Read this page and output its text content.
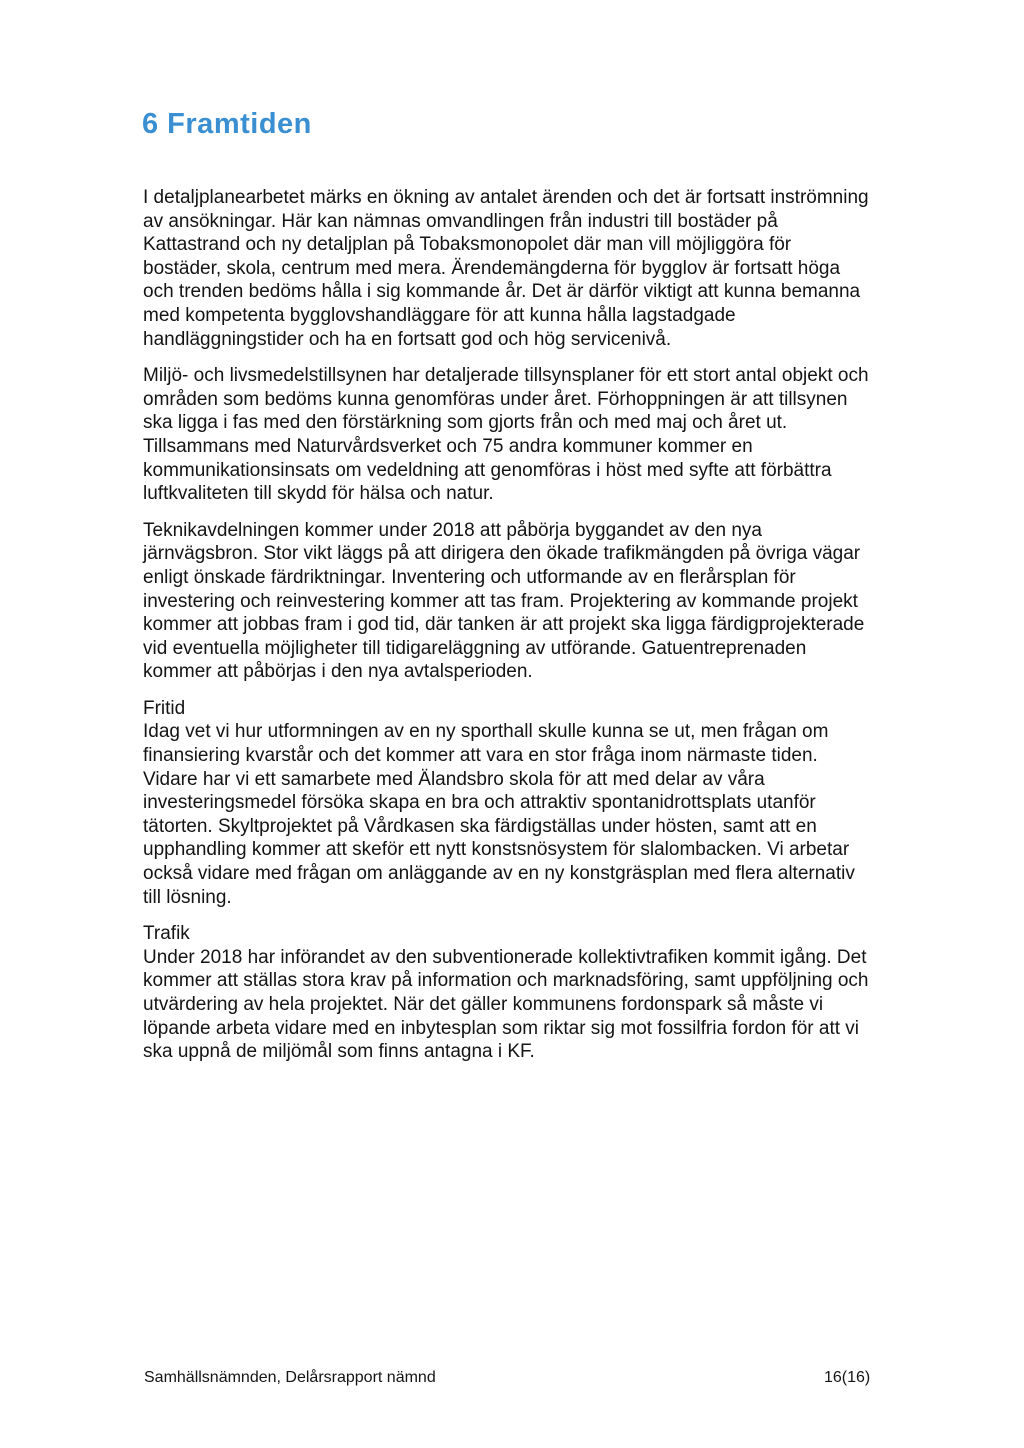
6 Framtiden

I detaljplanearbetet märks en ökning av antalet ärenden och det är fortsatt inströmning av ansökningar. Här kan nämnas omvandlingen från industri till bostäder på Kattastrand och ny detaljplan på Tobaksmonopolet där man vill möjliggöra för bostäder, skola, centrum med mera. Ärendemängderna för bygglov är fortsatt höga och trenden bedöms hålla i sig kommande år. Det är därför viktigt att kunna bemanna med kompetenta bygglovshandläggare för att kunna hålla lagstadgade handläggningstider och ha en fortsatt god och hög servicenivå.

Miljö- och livsmedelstillsynen har detaljerade tillsynsplaner för ett stort antal objekt och områden som bedöms kunna genomföras under året. Förhoppningen är att tillsynen ska ligga i fas med den förstärkning som gjorts från och med maj och året ut. Tillsammans med Naturvårdsverket och 75 andra kommuner kommer en kommunikationsinsats om vedeldning att genomföras i höst med syfte att förbättra luftkvaliteten till skydd för hälsa och natur.

Teknikavdelningen kommer under 2018 att påbörja byggandet av den nya järnvägsbron. Stor vikt läggs på att dirigera den ökade trafikmängden på övriga vägar enligt önskade färdriktningar. Inventering och utformande av en flerårsplan för investering och reinvestering kommer att tas fram. Projektering av kommande projekt kommer att jobbas fram i god tid, där tanken är att projekt ska ligga färdigprojekterade vid eventuella möjligheter till tidigareläggning av utförande. Gatuentreprenaden kommer att påbörjas i den nya avtalsperioden.

Fritid

Idag vet vi hur utformningen av en ny sporthall skulle kunna se ut, men frågan om finansiering kvarstår och det kommer att vara en stor fråga inom närmaste tiden. Vidare har vi ett samarbete med Älandsbro skola för att med delar av våra investeringsmedel försöka skapa en bra och attraktiv spontanidrottsplats utanför tätorten. Skyltprojektet på Vårdkasen ska färdigställas under hösten, samt att en upphandling kommer att skeför ett nytt konstsnösystem för slalombacken. Vi arbetar också vidare med frågan om anläggande av en ny konstgräsplan med flera alternativ till lösning.

Trafik

Under 2018 har införandet av den subventionerade kollektivtrafiken kommit igång. Det kommer att ställas stora krav på information och marknadsföring, samt uppföljning och utvärdering av hela projektet. När det gäller kommunens fordonspark så måste vi löpande arbeta vidare med en inbytesplan som riktar sig mot fossilfria fordon för att vi ska uppnå de miljömål som finns antagna i KF.

Samhällsnämnden, Delårsrapport nämnd	16(16)
